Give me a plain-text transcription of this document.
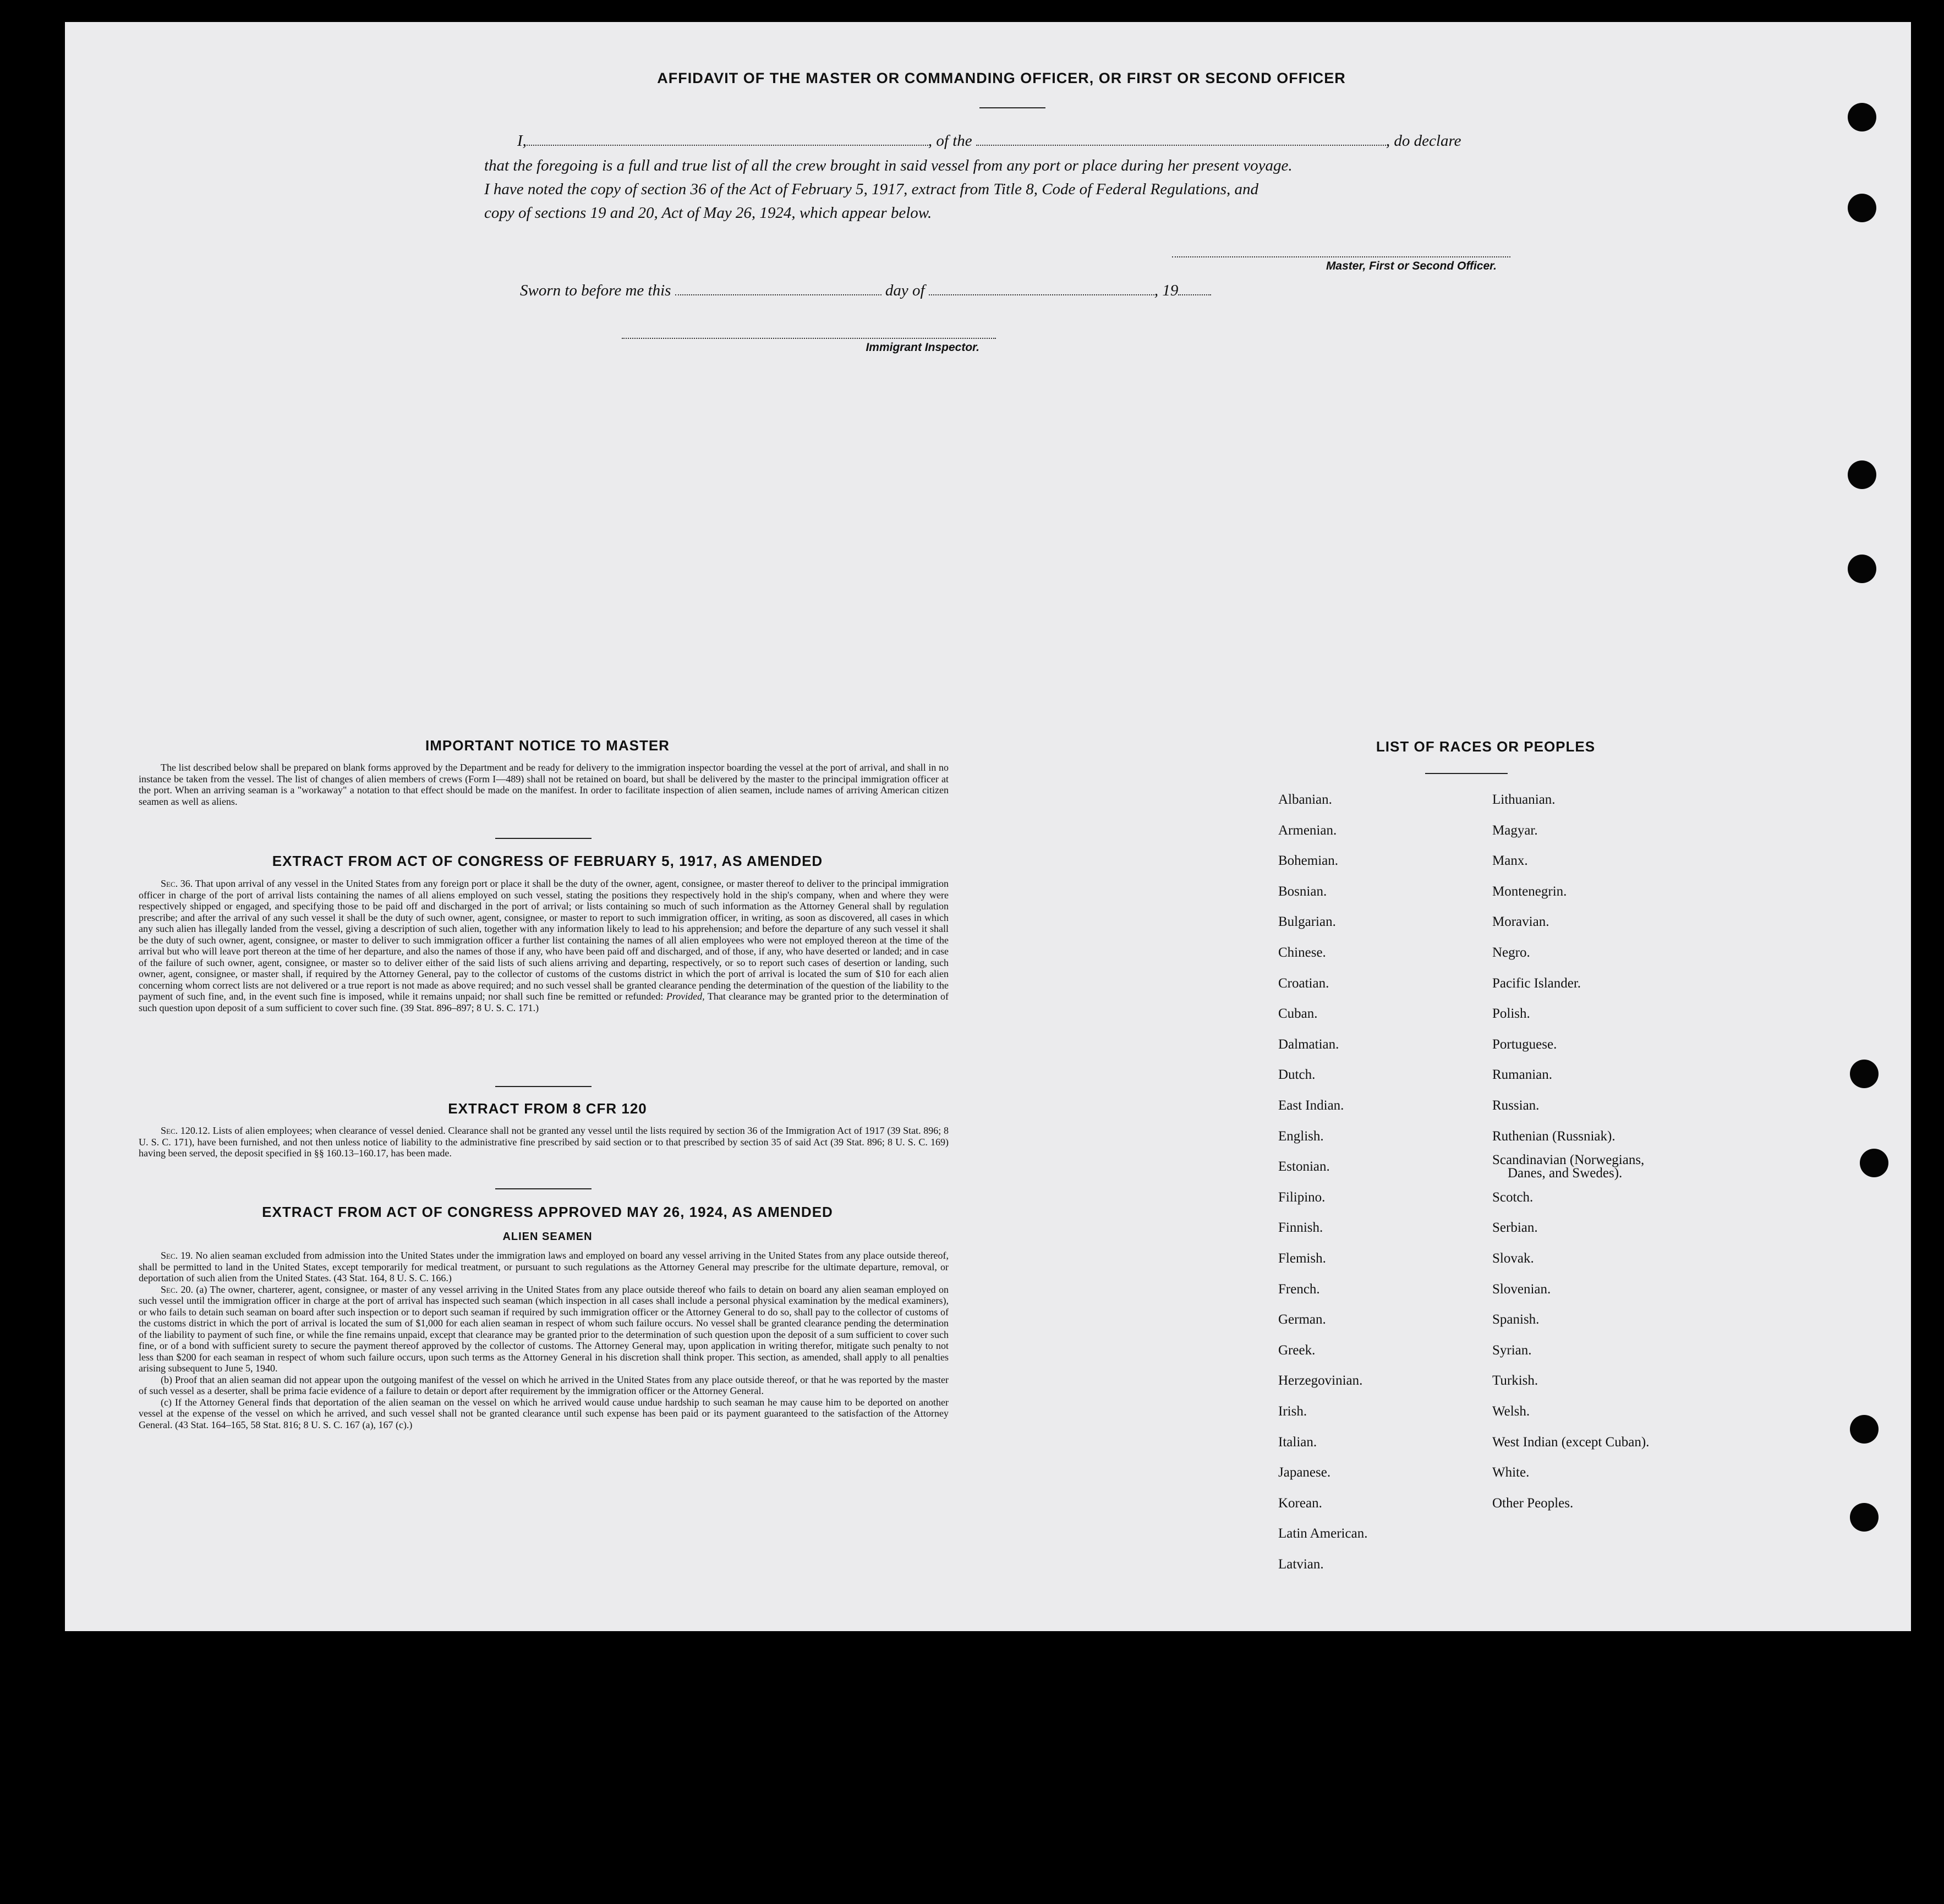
AFFIDAVIT OF THE MASTER OR COMMANDING OFFICER, OR FIRST OR SECOND OFFICER
I,	, of the	, do declare
that the foregoing is a full and true list of all the crew brought in said vessel from any port or place during her present voyage.
I have noted the copy of section 36 of the Act of February 5, 1917, extract from Title 8, Code of Federal Regulations, and
copy of sections 19 and 20, Act of May 26, 1924, which appear below.
Master, First or Second Officer.
Sworn to before me this	day of	, 19
Immigrant Inspector.
IMPORTANT NOTICE TO MASTER
The list described below shall be prepared on blank forms approved by the Department and be ready for delivery to the immigration inspector boarding the vessel at the port of arrival, and shall in no instance be taken from the vessel. The list of changes of alien members of crews (Form I—489) shall not be retained on board, but shall be delivered by the master to the principal immigration officer at the port. When an arriving seaman is a "workaway" a notation to that effect should be made on the manifest. In order to facilitate inspection of alien seamen, include names of arriving American citizen seamen as well as aliens.
EXTRACT FROM ACT OF CONGRESS OF FEBRUARY 5, 1917, AS AMENDED
Sec. 36. That upon arrival of any vessel in the United States from any foreign port or place it shall be the duty of the owner, agent, consignee, or master thereof to deliver to the principal immigration officer in charge of the port of arrival lists containing the names of all aliens employed on such vessel, stating the positions they respectively hold in the ship's company, when and where they were respectively shipped or engaged, and specifying those to be paid off and discharged in the port of arrival; or lists containing so much of such information as the Attorney General shall by regulation prescribe; and after the arrival of any such vessel it shall be the duty of such owner, agent, consignee, or master to report to such immigration officer, in writing, as soon as discovered, all cases in which any such alien has illegally landed from the vessel, giving a description of such alien, together with any information likely to lead to his apprehension; and before the departure of any such vessel it shall be the duty of such owner, agent, consignee, or master to deliver to such immigration officer a further list containing the names of all alien employees who were not employed thereon at the time of the arrival but who will leave port thereon at the time of her departure, and also the names of those if any, who have been paid off and discharged, and of those, if any, who have deserted or landed; and in case of the failure of such owner, agent, consignee, or master so to deliver either of the said lists of such aliens arriving and departing, respectively, or so to report such cases of desertion or landing, such owner, agent, consignee, or master shall, if required by the Attorney General, pay to the collector of customs of the customs district in which the port of arrival is located the sum of $10 for each alien concerning whom correct lists are not delivered or a true report is not made as above required; and no such vessel shall be granted clearance pending the determination of the question of the liability to the payment of such fine, and, in the event such fine is imposed, while it remains unpaid; nor shall such fine be remitted or refunded: Provided, That clearance may be granted prior to the determination of such question upon deposit of a sum sufficient to cover such fine. (39 Stat. 896–897; 8 U. S. C. 171.)
EXTRACT FROM 8 CFR 120
Sec. 120.12. Lists of alien employees; when clearance of vessel denied. Clearance shall not be granted any vessel until the lists required by section 36 of the Immigration Act of 1917 (39 Stat. 896; 8 U. S. C. 171), have been furnished, and not then unless notice of liability to the administrative fine prescribed by said section or to that prescribed by section 35 of said Act (39 Stat. 896; 8 U. S. C. 169) having been served, the deposit specified in §§ 160.13–160.17, has been made.
EXTRACT FROM ACT OF CONGRESS APPROVED MAY 26, 1924, AS AMENDED
ALIEN SEAMEN

Sec. 19. No alien seaman excluded from admission into the United States under the immigration laws and employed on board any vessel arriving in the United States from any place outside thereof, shall be permitted to land in the United States, except temporarily for medical treatment, or pursuant to such regulations as the Attorney General may prescribe for the ultimate departure, removal, or deportation of such alien from the United States. (43 Stat. 164, 8 U. S. C. 166.)

Sec. 20. (a) The owner, charterer, agent, consignee, or master of any vessel arriving in the United States from any place outside thereof who fails to detain on board any alien seaman employed on such vessel until the immigration officer in charge at the port of arrival has inspected such seaman (which inspection in all cases shall include a personal physical examination by the medical examiners), or who fails to detain such seaman on board after such inspection or to deport such seaman if required by such immigration officer or the Attorney General to do so, shall pay to the collector of customs of the customs district in which the port of arrival is located the sum of $1,000 for each alien seaman in respect of whom such failure occurs. No vessel shall be granted clearance pending the determination of the liability to payment of such fine, or while the fine remains unpaid, except that clearance may be granted prior to the determination of such question upon the deposit of a sum sufficient to cover such fine, or of a bond with sufficient surety to secure the payment thereof approved by the collector of customs. The Attorney General may, upon application in writing therefor, mitigate such penalty to not less than $200 for each seaman in respect of whom such failure occurs, upon such terms as the Attorney General in his discretion shall think proper. This section, as amended, shall apply to all penalties arising subsequent to June 5, 1940.

(b) Proof that an alien seaman did not appear upon the outgoing manifest of the vessel on which he arrived in the United States from any place outside thereof, or that he was reported by the master of such vessel as a deserter, shall be prima facie evidence of a failure to detain or deport after requirement by the immigration officer or the Attorney General.

(c) If the Attorney General finds that deportation of the alien seaman on the vessel on which he arrived would cause undue hardship to such seaman he may cause him to be deported on another vessel at the expense of the vessel on which he arrived, and such vessel shall not be granted clearance until such expense has been paid or its payment guaranteed to the satisfaction of the Attorney General. (43 Stat. 164–165, 58 Stat. 816; 8 U. S. C. 167 (a), 167 (c).)

LIST OF RACES OR PEOPLES
Albanian.
Armenian.
Bohemian.
Bosnian.
Bulgarian.
Chinese.
Croatian.
Cuban.
Dalmatian.
Dutch.
East Indian.
English.
Estonian.
Filipino.
Finnish.
Flemish.
French.
German.
Greek.
Herzegovinian.
Irish.
Italian.
Japanese.
Korean.
Latin American.
Latvian.
Lithuanian.
Magyar.
Manx.
Montenegrin.
Moravian.
Negro.
Pacific Islander.
Polish.
Portuguese.
Rumanian.
Russian.
Ruthenian (Russniak).
Scandinavian (Norwegians,
Danes, and Swedes).
Scotch.
Serbian.
Slovak.
Slovenian.
Spanish.
Syrian.
Turkish.
Welsh.
West Indian (except Cuban).
White.
Other Peoples.
